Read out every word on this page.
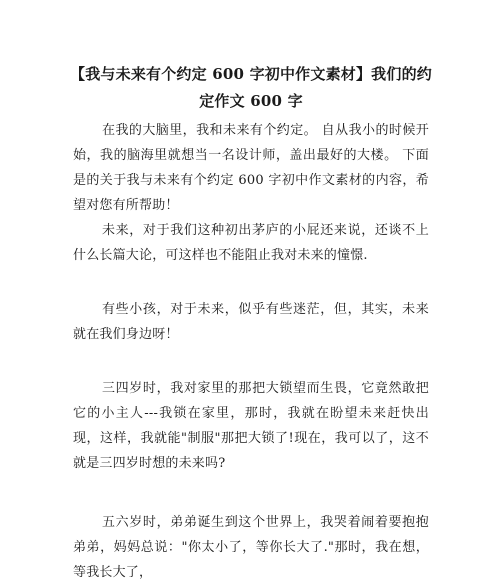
【我与未来有个约定 600 字初中作文素材】我们的约定作文 600 字

在我的大脑里，我和未来有个约定。 自从我小的时候开始，我的脑海里就想当一名设计师，盖出最好的大楼。 下面是的关于我与未来有个约定 600 字初中作文素材的内容，希望对您有所帮助！

未来，对于我们这种初出茅庐的小屁还来说，还谈不上什么长篇大论，可这样也不能阻止我对未来的憧憬.

有些小孩，对于未来，似乎有些迷茫，但，其实，未来就在我们身边呀！

三四岁时，我对家里的那把大锁望而生畏，它竟然敢把它的小主人---我锁在家里，那时，我就在盼望未来赶快出现，这样，我就能"制服"那把大锁了!现在，我可以了，这不就是三四岁时想的未来吗?

五六岁时，弟弟诞生到这个世界上，我哭着闹着要抱抱弟弟，妈妈总说："你太小了，等你长大了."那时，我在想，等我长大了，
